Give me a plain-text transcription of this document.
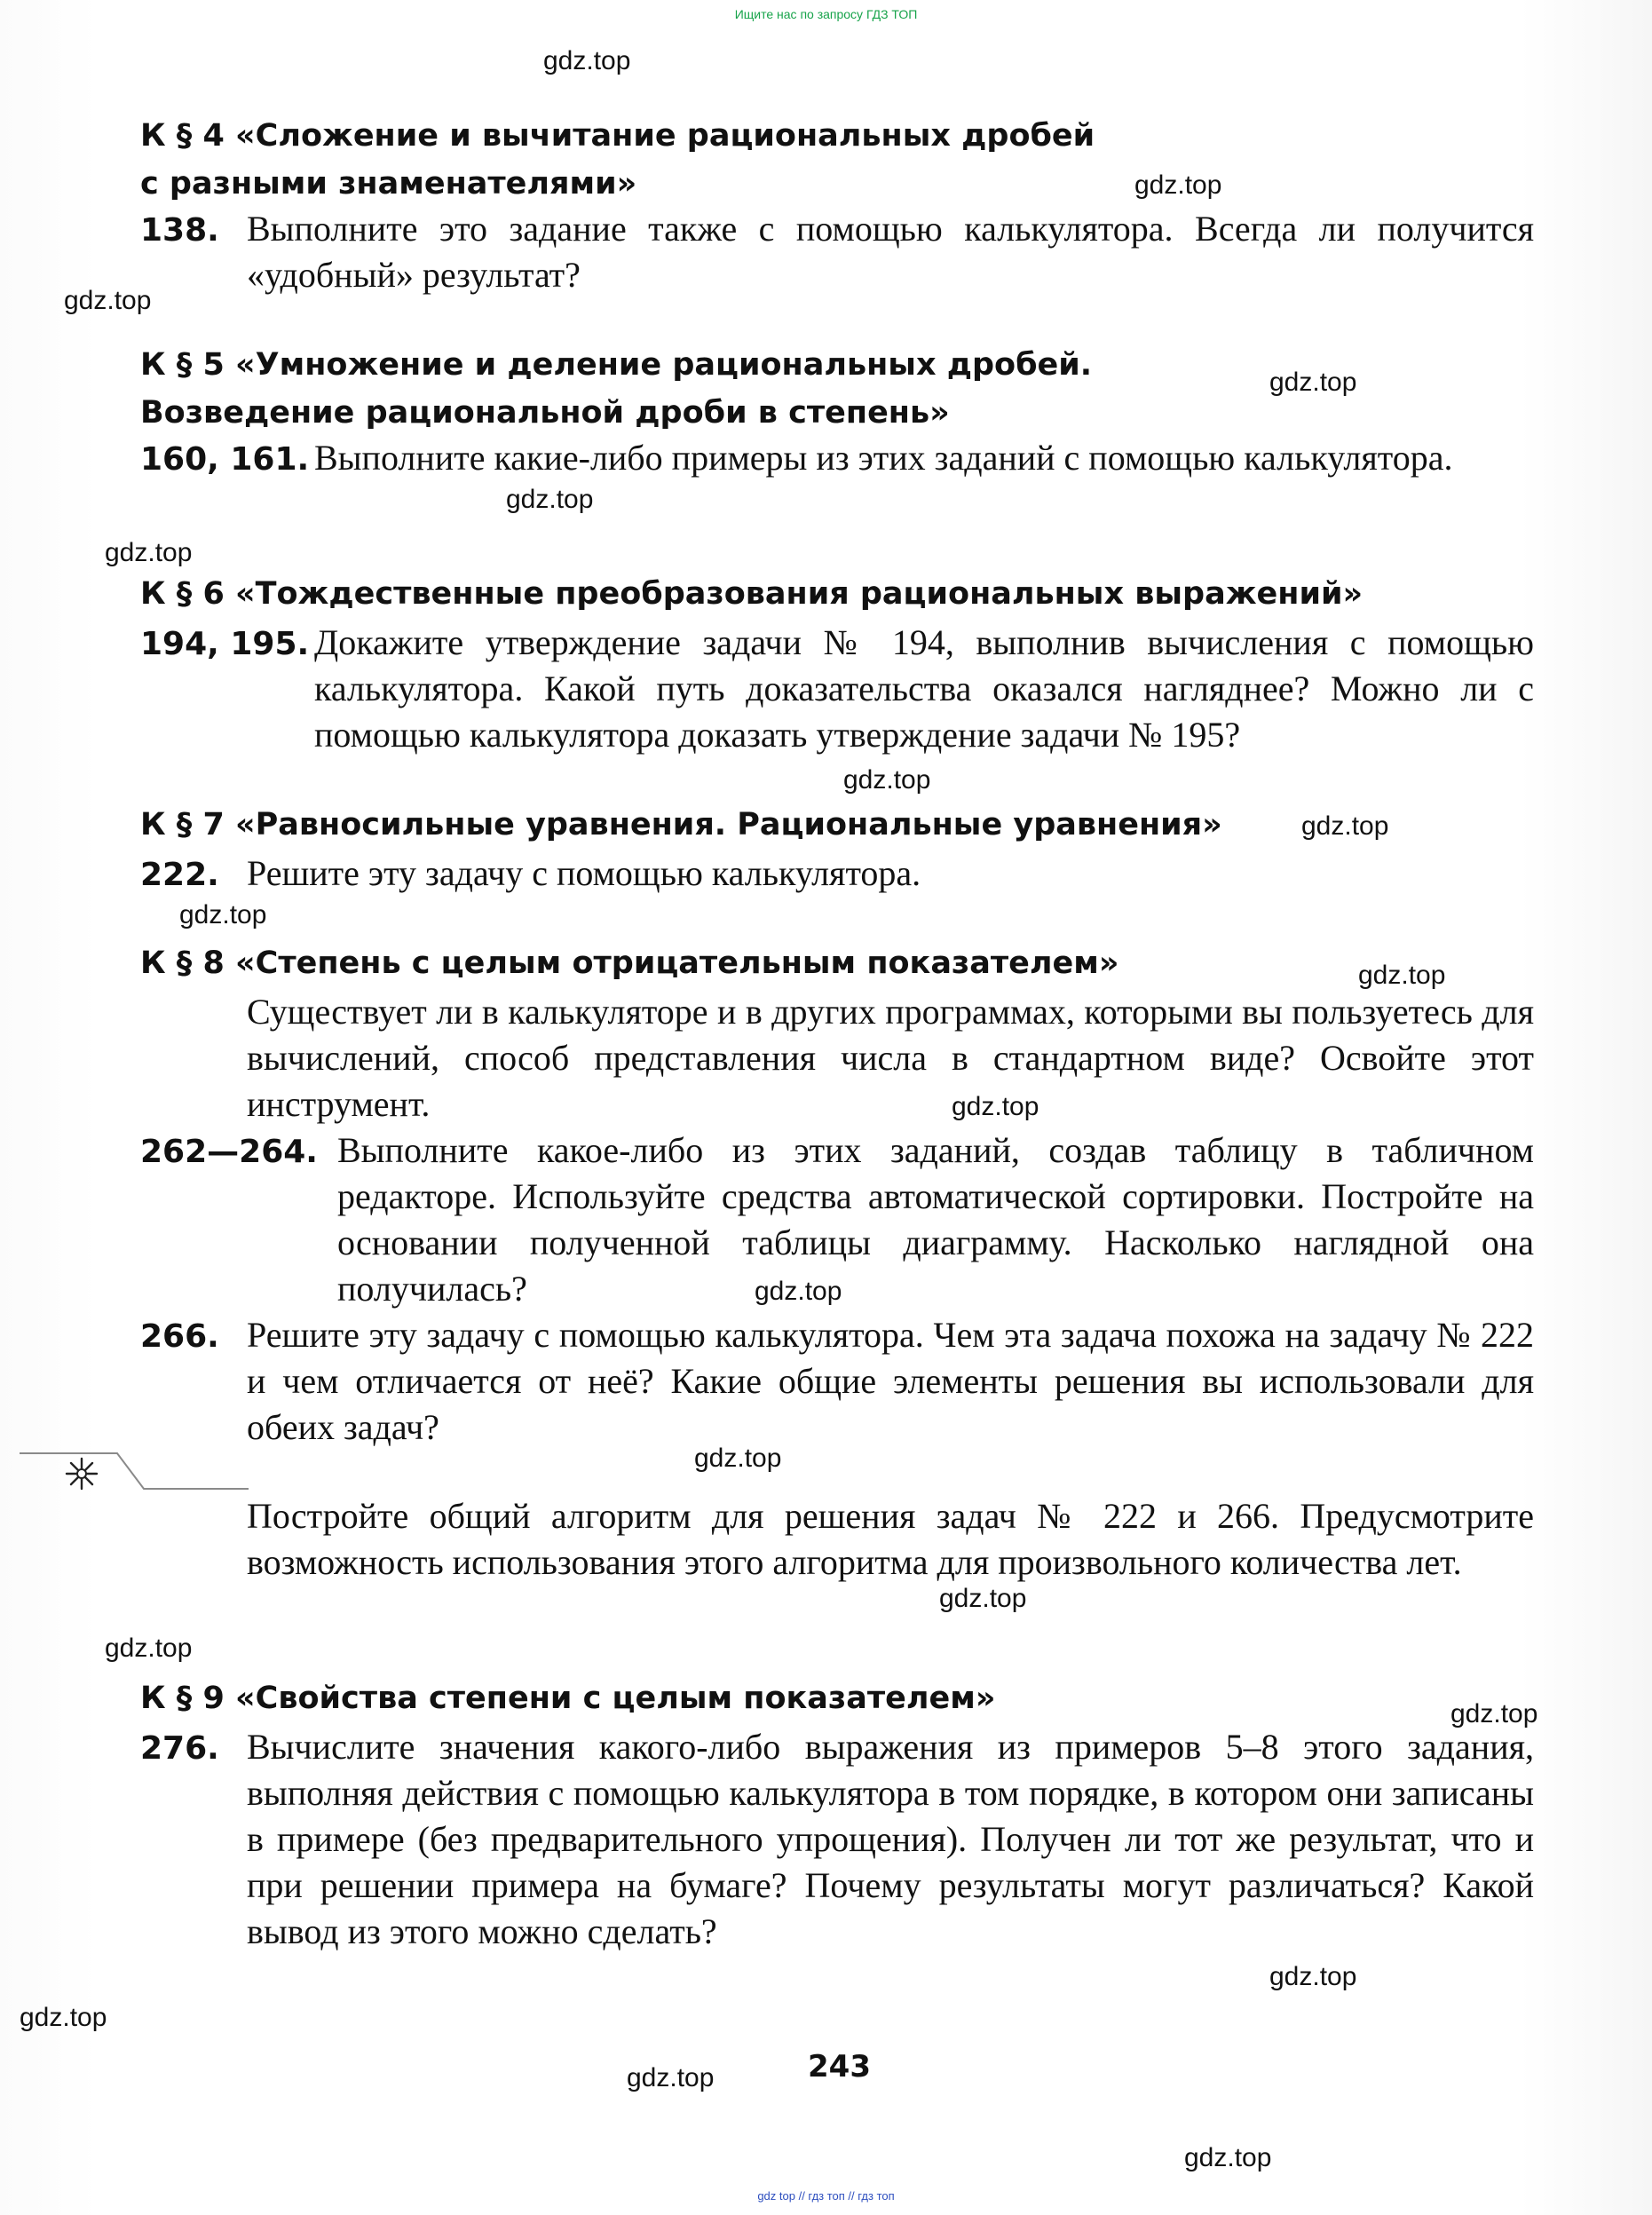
Ищите нас по запросу ГДЗ ТОП
gdz.top
gdz.top
gdz.top
gdz.top
gdz.top
gdz.top
gdz.top
gdz.top
gdz.top
gdz.top
gdz.top
gdz.top
gdz.top
gdz.top
gdz.top
gdz.top
gdz.top
gdz.top
gdz.top
gdz.top
К § 4 «Сложение и вычитание рациональных дробей
с разными знаменателями»
138. Выполните это задание также с помощью калькулятора. Всегда ли получится «удобный» результат?
К § 5 «Умножение и деление рациональных дробей.
Возведение рациональной дроби в степень»
160, 161. Выполните какие-либо примеры из этих заданий с помощью калькулятора.
К § 6 «Тождественные преобразования рациональных выражений»
194, 195. Докажите утверждение задачи № 194, выполнив вычисления с помощью калькулятора. Какой путь доказательства оказался нагляднее? Можно ли с помощью калькулятора доказать утверждение задачи № 195?
К § 7 «Равносильные уравнения. Рациональные уравнения»
222. Решите эту задачу с помощью калькулятора.
К § 8 «Степень с целым отрицательным показателем»
Существует ли в калькуляторе и в других программах, которыми вы пользуетесь для вычислений, способ представления числа в стандартном виде? Освойте этот инструмент.
262—264. Выполните какое-либо из этих заданий, создав таблицу в табличном редакторе. Используйте средства автоматической сортировки. Постройте на основании полученной таблицы диаграмму. Насколько наглядной она получилась?
266. Решите эту задачу с помощью калькулятора. Чем эта задача похожа на задачу № 222 и чем отличается от неё? Какие общие элементы решения вы использовали для обеих задач?
Постройте общий алгоритм для решения задач № 222 и 266. Предусмотрите возможность использования этого алгоритма для произвольного количества лет.
К § 9 «Свойства степени с целым показателем»
276. Вычислите значения какого-либо выражения из примеров 5–8 этого задания, выполняя действия с помощью калькулятора в том порядке, в котором они записаны в примере (без предварительного упрощения). Получен ли тот же результат, что и при решении примера на бумаге? Почему результаты могут различаться? Какой вывод из этого можно сделать?
243
gdz top // гдз топ // гдз топ
